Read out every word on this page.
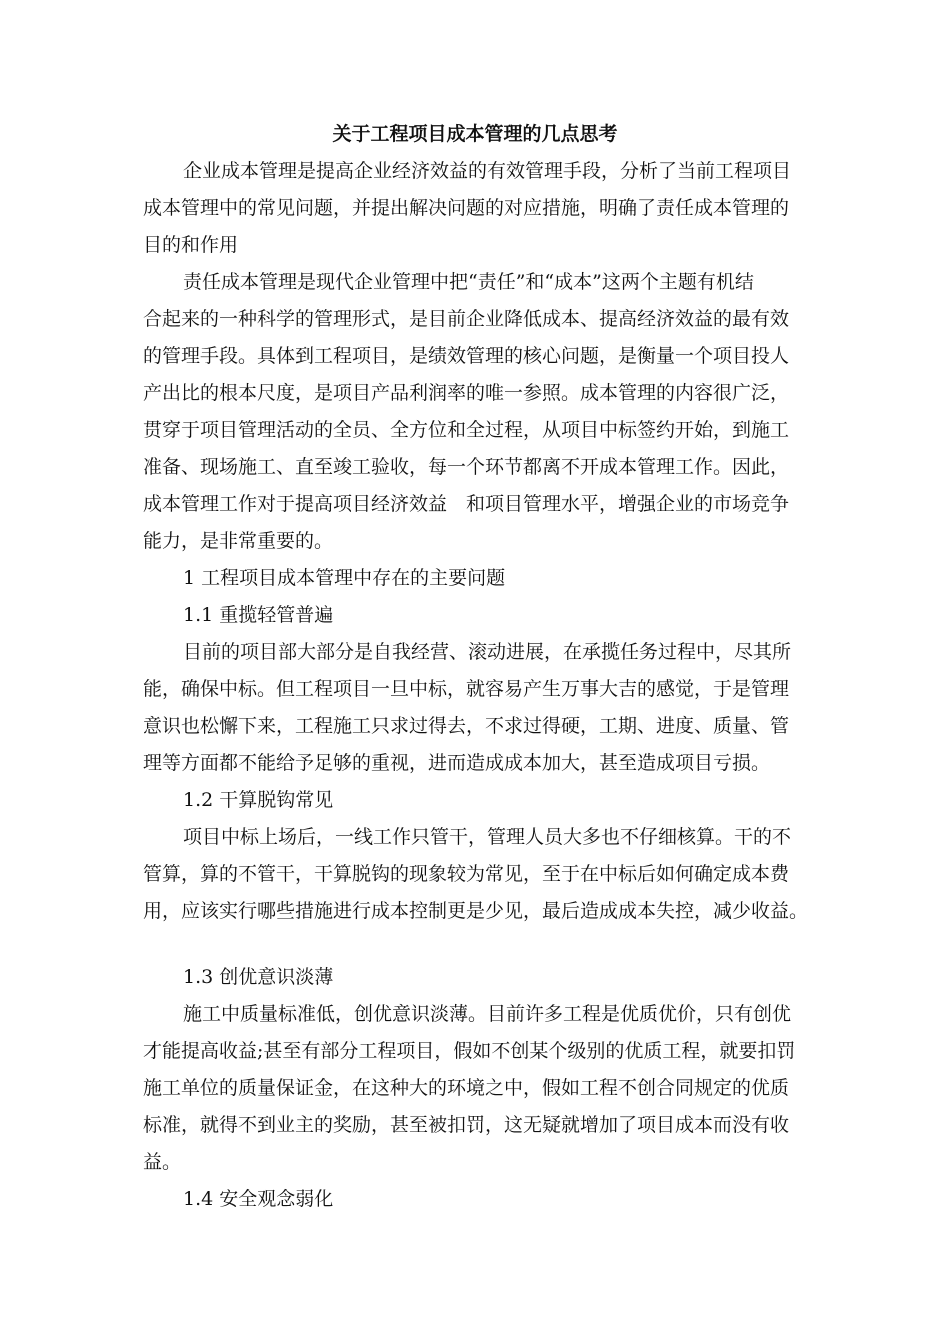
关于工程项目成本管理的几点思考
企业成本管理是提高企业经济效益的有效管理手段，分析了当前工程项目
成本管理中的常见问题，并提出解决问题的对应措施，明确了责任成本管理的
目的和作用
责任成本管理是现代企业管理中把“责任”和“成本”这两个主题有机结
合起来的一种科学的管理形式，是目前企业降低成本、提高经济效益的最有效
的管理手段。具体到工程项目，是绩效管理的核心问题，是衡量一个项目投人
产出比的根本尺度，是项目产品利润率的唯一参照。成本管理的内容很广泛，
贯穿于项目管理活动的全员、全方位和全过程，从项目中标签约开始，到施工
准备、现场施工、直至竣工验收，每一个环节都离不开成本管理工作。因此，
成本管理工作对于提高项目经济效益　和项目管理水平，增强企业的市场竞争
能力，是非常重要的。
1 工程项目成本管理中存在的主要问题
1.1 重揽轻管普遍
目前的项目部大部分是自我经营、滚动进展，在承揽任务过程中，尽其所
能，确保中标。但工程项目一旦中标，就容易产生万事大吉的感觉，于是管理
意识也松懈下来，工程施工只求过得去，不求过得硬，工期、进度、质量、管
理等方面都不能给予足够的重视，进而造成成本加大，甚至造成项目亏损。
1.2 干算脱钩常见
项目中标上场后，一线工作只管干，管理人员大多也不仔细核算。干的不
管算，算的不管干，干算脱钩的现象较为常见，至于在中标后如何确定成本费
用，应该实行哪些措施进行成本控制更是少见，最后造成成本失控，减少收益。
1.3 创优意识淡薄
施工中质量标准低，创优意识淡薄。目前许多工程是优质优价，只有创优
才能提高收益;甚至有部分工程项目，假如不创某个级别的优质工程，就要扣罚
施工单位的质量保证金，在这种大的环境之中，假如工程不创合同规定的优质
标准，就得不到业主的奖励，甚至被扣罚，这无疑就增加了项目成本而没有收
益。
1.4 安全观念弱化
